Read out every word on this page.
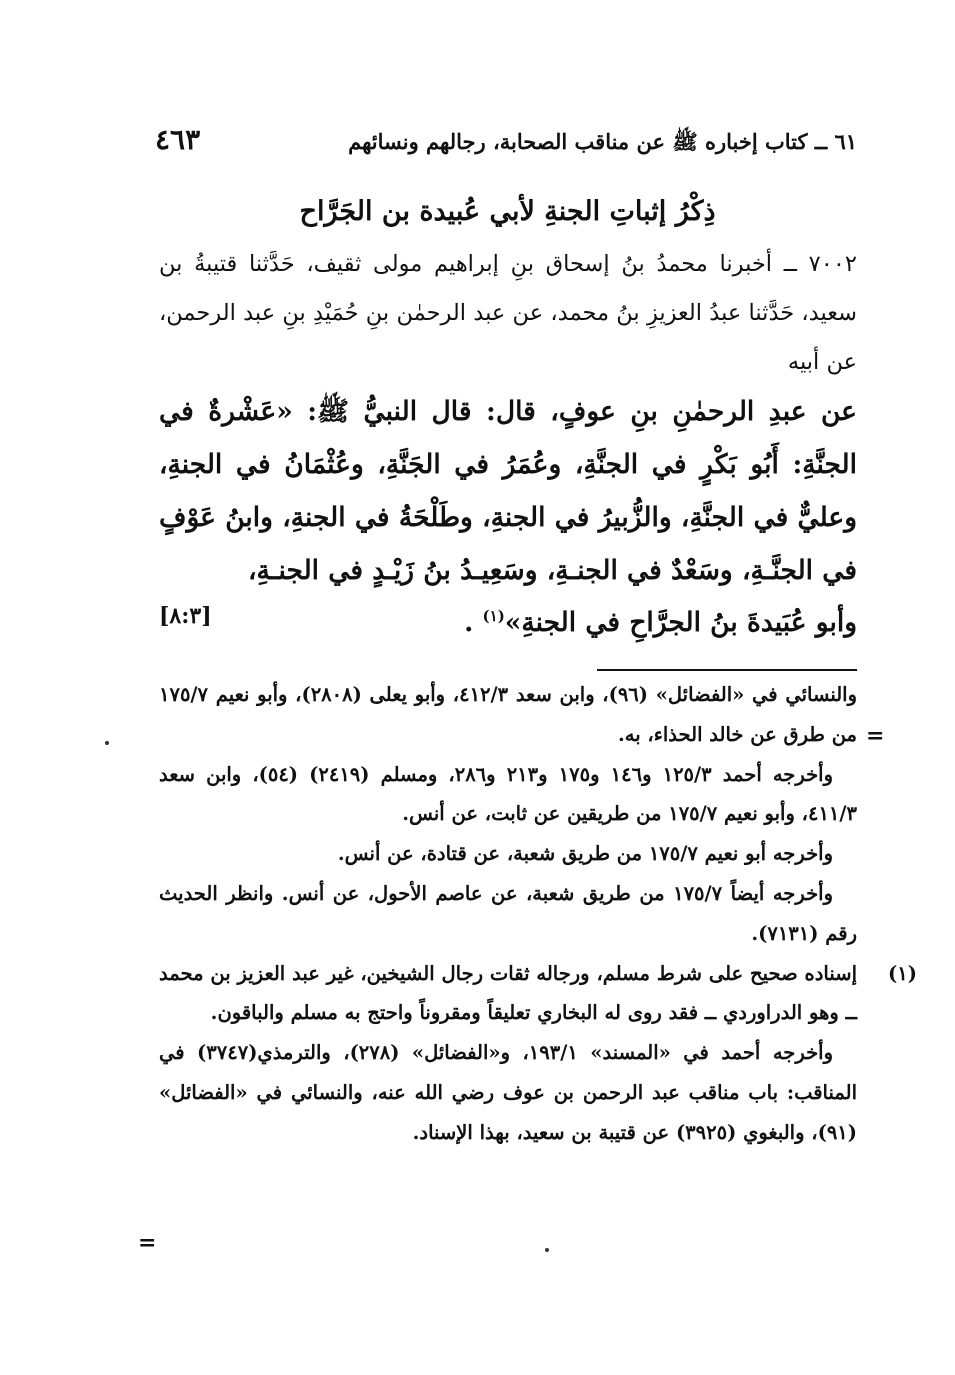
٦١ ــ كتاب إخباره ﷺ عن مناقب الصحابة، رجالهم ونسائهم
٤٦٣
ذِكْرُ إثباتِ الجنةِ لأبي عُبيدة بن الجَرَّاح
٧٠٠٢ ــ أخبرنا محمدُ بنُ إسحاق بنِ إبراهيم مولى ثقيف، حَدَّثنا قتيبةُ بن سعيد، حَدَّثنا عبدُ العزيزِ بنُ محمد، عن عبد الرحمٰن بنِ حُمَيْدِ بنِ عبد الرحمن، عن أبيه
عن عبدِ الرحمٰنِ بنِ عوفٍ، قال: قال النبيُّ ﷺ: «عَشْرةٌ في الجنَّةِ: أَبُو بَكْرٍ في الجنَّةِ، وعُمَرُ في الجَنَّةِ، وعُثْمَانُ في الجنةِ، وعليٌّ في الجنَّةِ، والزُّبيرُ في الجنةِ، وطَلْحَةُ في الجنةِ، وابنُ عَوْفٍ في الجنَّـةِ، وسَعْدٌ في الجنـةِ، وسَعِيـدُ بنُ زَيْـدٍ في الجنـةِ،
وأبو عُبَيدةَ بنُ الجرَّاحِ في الجنةِ»$^{(١)}$ .
[٨:٣]

والنسائي في «الفضائل» (٩٦)، وابن سعد ٤١٢/٣، وأبو يعلى (٢٨٠٨)، وأبو نعيم ١٧٥/٧ من طرق عن خالد الحذاء، به.

وأخرجه أحمد ١٢٥/٣ و١٤٦ و١٧٥ و٢١٣ و٢٨٦، ومسلم (٢٤١٩) (٥٤)، وابن سعد ٤١١/٣، وأبو نعيم ١٧٥/٧ من طريقين عن ثابت، عن أنس.

وأخرجه أبو نعيم ١٧٥/٧ من طريق شعبة، عن قتادة، عن أنس.

وأخرجه أيضاً ١٧٥/٧ من طريق شعبة، عن عاصم الأحول، عن أنس. وانظر الحديث رقم (٧١٣١).

(١)

إسناده صحيح على شرط مسلم، ورجاله ثقات رجال الشيخين، غير عبد العزيز بن محمد ــ وهو الدراوردي ــ فقد روى له البخاري تعليقاً ومقروناً واحتج به مسلم والباقون.

وأخرجه أحمد في «المسند» ١٩٣/١، و«الفضائل» (٢٧٨)، والترمذي(٣٧٤٧) في المناقب: باب مناقب عبد الرحمن بن عوف رضي الله عنه، والنسائي في «الفضائل» (٩١)، والبغوي (٣٩٢٥) عن قتيبة بن سعيد، بهذا الإسناد.

=
=
